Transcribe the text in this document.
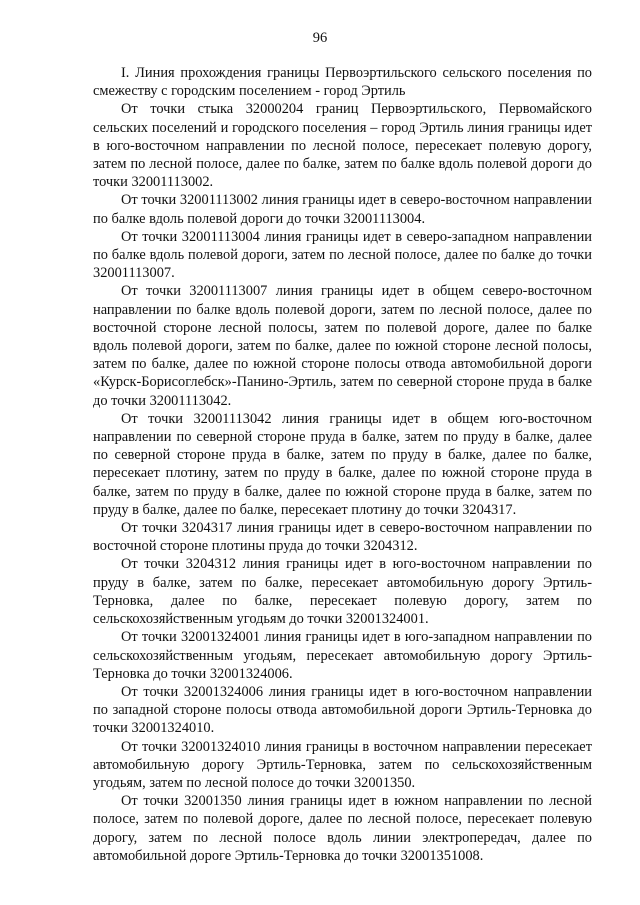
96

I. Линия прохождения границы Первоэртильского сельского поселения по смежеству с городским поселением - город Эртиль

От точки стыка 32000204 границ Первоэртильского, Первомайского сельских поселений и городского поселения – город Эртиль линия границы идет в юго-восточном направлении по лесной полосе, пересекает полевую дорогу, затем по лесной полосе, далее по балке, затем по балке вдоль полевой дороги до точки 32001113002.

От точки 32001113002 линия границы идет в северо-восточном направлении по балке вдоль полевой дороги до точки 32001113004.

От точки 32001113004 линия границы идет в северо-западном направлении по балке вдоль полевой дороги, затем по лесной полосе, далее по балке до точки 32001113007.

От точки 32001113007 линия границы идет в общем северо-восточном направлении по балке вдоль полевой дороги, затем по лесной полосе, далее по восточной стороне лесной полосы, затем по полевой дороге, далее по балке вдоль полевой дороги, затем по балке, далее по южной стороне лесной полосы, затем по балке, далее по южной стороне полосы отвода автомобильной дороги «Курск-Борисоглебск»-Панино-Эртиль, затем по северной стороне пруда в балке до точки 32001113042.

От точки 32001113042 линия границы идет в общем юго-восточном направлении по северной стороне пруда в балке, затем по пруду в балке, далее по северной стороне пруда в балке, затем по пруду в балке, далее по балке, пересекает плотину, затем по пруду в балке, далее по южной стороне пруда в балке, затем по пруду в балке, далее по южной стороне пруда в балке, затем по пруду в балке, далее по балке, пересекает плотину до точки 3204317.

От точки 3204317 линия границы идет в северо-восточном направлении по восточной стороне плотины пруда до точки 3204312.

От точки 3204312 линия границы идет в юго-восточном направлении по пруду в балке, затем по балке, пересекает автомобильную дорогу Эртиль-Терновка, далее по балке, пересекает полевую дорогу, затем по сельскохозяйственным угодьям до точки 32001324001.

От точки 32001324001 линия границы идет в юго-западном направлении по сельскохозяйственным угодьям, пересекает автомобильную дорогу Эртиль-Терновка до точки 32001324006.

От точки 32001324006 линия границы идет в юго-восточном направлении по западной стороне полосы отвода автомобильной дороги Эртиль-Терновка до точки 32001324010.

От точки 32001324010 линия границы в восточном направлении пересекает автомобильную дорогу Эртиль-Терновка, затем по сельскохозяйственным угодьям, затем по лесной полосе до точки 32001350.

От точки 32001350 линия границы идет в южном направлении по лесной полосе, затем по полевой дороге, далее по лесной полосе, пересекает полевую дорогу, затем по лесной полосе вдоль линии электропередач, далее по автомобильной дороге Эртиль-Терновка до точки 32001351008.
